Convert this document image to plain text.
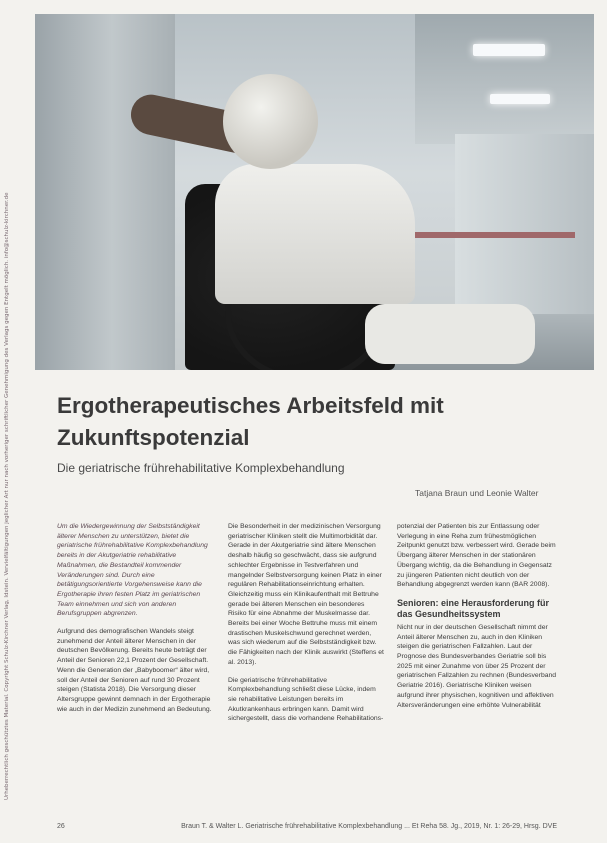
Urheberrechtlich geschütztes Material. Copyright Schulz-Kirchner Verlag, Idstein. Vervielfältigungen jeglicher Art nur nach vorheriger schriftlicher Genehmigung des Verlags gegen Entgelt möglich. info@schulz-kirchner.de	Ergotherapeutisches Arbeitsfeld mit
Zukunftspotenzial
Die geriatrische frührehabilitative Komplexbehandlung
Tatjana Braun und Leonie Walter

Um die Wiedergewinnung der Selbstständigkeit älterer Menschen zu unterstützen, bietet die geriatrische frührehabilitative Komplexbehandlung bereits in der Akutgeriatrie rehabilitative Maßnahmen, die Bestandteil kommender Veränderungen sind. Durch eine betätigungsorientierte Vorgehensweise kann die Ergotherapie ihren festen Platz im geriatrischen Team einnehmen und sich von anderen Berufsgruppen abgrenzen.

Aufgrund des demografischen Wandels steigt zunehmend der Anteil älterer Menschen in der deutschen Bevölkerung. Bereits heute beträgt der Anteil der Senioren 22,1 Prozent der Gesellschaft. Wenn die Generation der „Babyboomer“ älter wird, soll der Anteil der Senioren auf rund 30 Prozent steigen (Statista 2018). Die Versorgung dieser Altersgruppe gewinnt demnach in der Ergotherapie wie auch in der Medizin zunehmend an Bedeutung.

Die Besonderheit in der medizinischen Versorgung geriatrischer Kliniken stellt die Multimorbidität dar. Gerade in der Akutgeriatrie sind ältere Menschen deshalb häufig so geschwächt, dass sie aufgrund schlechter Ergebnisse in Testverfahren und mangelnder Selbstversorgung keinen Platz in einer regulären Rehabilitationseinrichtung erhalten. Gleichzeitig muss ein Klinikaufenthalt mit Bettruhe gerade bei älteren Menschen ein besonderes Risiko für eine Abnahme der Muskelmasse dar. Bereits bei einer Woche Bettruhe muss mit einem drastischen Muskelschwund gerechnet werden, was sich wiederum auf die Selbstständigkeit bzw. die Fähigkeiten nach der Klinik auswirkt (Steffens et al. 2013).

Die geriatrische frührehabilitative Komplexbehandlung schließt diese Lücke, indem sie rehabilitative Leistungen bereits im Akutkrankenhaus erbringen kann. Damit wird sichergestellt, dass die vorhandene Rehabilitations-

potenzial der Patienten bis zur Entlassung oder Verlegung in eine Reha zum frühestmöglichen Zeitpunkt genutzt bzw. verbessert wird. Gerade beim Übergang älterer Menschen in der stationären Übergang wichtig, da die Behandlung in Gegensatz zu jüngeren Patienten nicht deutlich von der Behandlung abgegrenzt werden kann (BAR 2008).

Senioren: eine Herausforderung für das Gesundheitssystem

Nicht nur in der deutschen Gesellschaft nimmt der Anteil älterer Menschen zu, auch in den Kliniken steigen die geriatrischen Fallzahlen. Laut der Prognose des Bundesverbandes Geriatrie soll bis 2025 mit einer Zunahme von über 25 Prozent der geriatrischen Fallzahlen zu rechnen (Bundesverband Geriatrie 2016). Geriatrische Kliniken weisen aufgrund ihrer physischen, kognitiven und affektiven Altersveränderungen eine erhöhte Vulnerabilität

26	Braun T. & Walter L. Geriatrische frührehabilitative Komplexbehandlung ... Et Reha 58. Jg., 2019, Nr. 1: 26-29, Hrsg. DVE
